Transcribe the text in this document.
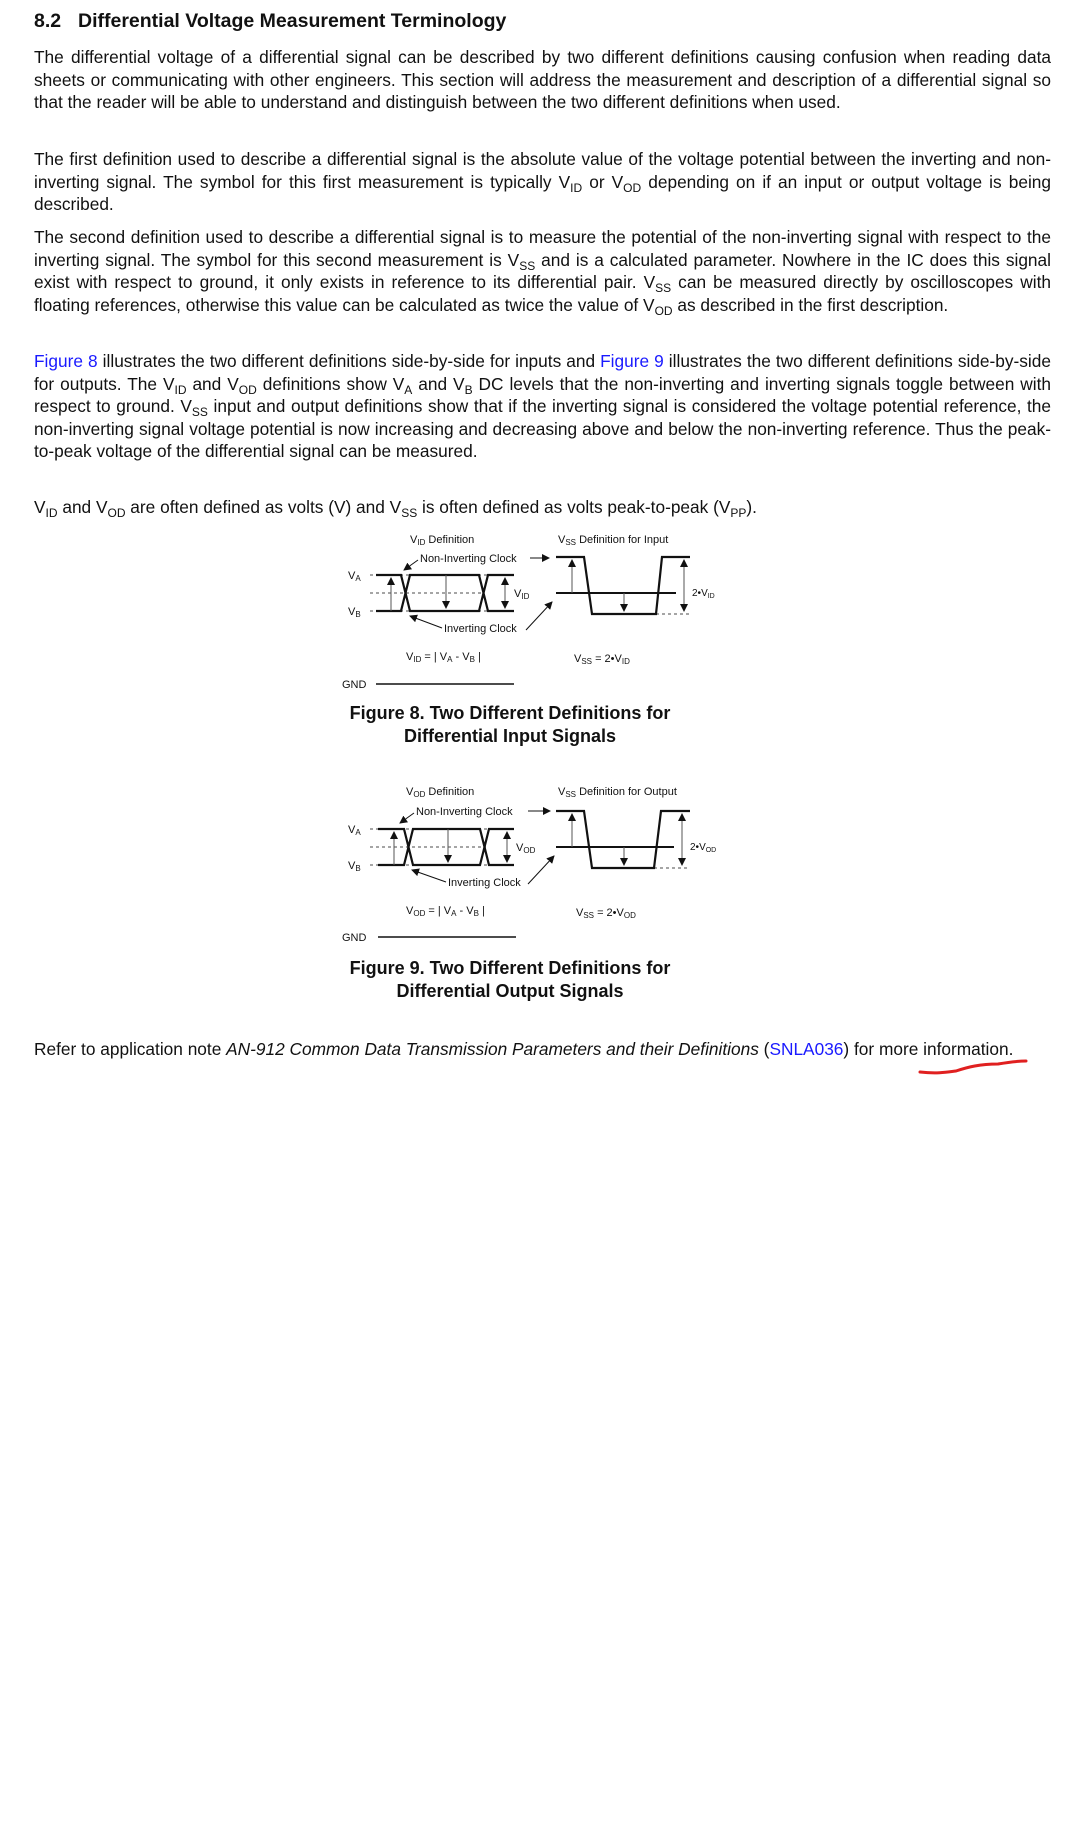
8.2 Differential Voltage Measurement Terminology

The differential voltage of a differential signal can be described by two different definitions causing confusion when reading data sheets or communicating with other engineers. This section will address the measurement and description of a differential signal so that the reader will be able to understand and distinguish between the two different definitions when used.

The first definition used to describe a differential signal is the absolute value of the voltage potential between the inverting and non-inverting signal. The symbol for this first measurement is typically $V_{ID}$ or $V_{OD}$ depending on if an input or output voltage is being described.

The second definition used to describe a differential signal is to measure the potential of the non-inverting signal with respect to the inverting signal. The symbol for this second measurement is $V_{SS}$ and is a calculated parameter. Nowhere in the IC does this signal exist with respect to ground, it only exists in reference to its differential pair. $V_{SS}$ can be measured directly by oscilloscopes with floating references, otherwise this value can be calculated as twice the value of $V_{OD}$ as described in the first description.

Figure 8 illustrates the two different definitions side-by-side for inputs and Figure 9 illustrates the two different definitions side-by-side for outputs. The $V_{ID}$ and $V_{OD}$ definitions show $V_A$ and $V_B$ DC levels that the non-inverting and inverting signals toggle between with respect to ground. $V_{SS}$ input and output definitions show that if the inverting signal is considered the voltage potential reference, the non-inverting signal voltage potential is now increasing and decreasing above and below the non-inverting reference. Thus the peak-to-peak voltage of the differential signal can be measured.

$V_{ID}$ and $V_{OD}$ are often defined as volts (V) and $V_{SS}$ is often defined as volts peak-to-peak $(V_{PP})$.

VID Definition	VSS Definition for Input
Non-Inverting Clock
VA
VB
VID
Inverting Clock
$2•V_{ID}$
VID = | VA - VB |	VSS = 2•VID
GND
Figure 8. Two Different Definitions for
Differential Input Signals
VOD Definition	VSS Definition for Output
Non-Inverting Clock
VA
VB
VOD
Inverting Clock
$2•V_{OD}$
VOD = | VA - VB |	VSS = 2•VOD
GND
Figure 9. Two Different Definitions for
Differential Output Signals

Refer to application note AN-912 Common Data Transmission Parameters and their Definitions (SNLA036) for more information.
